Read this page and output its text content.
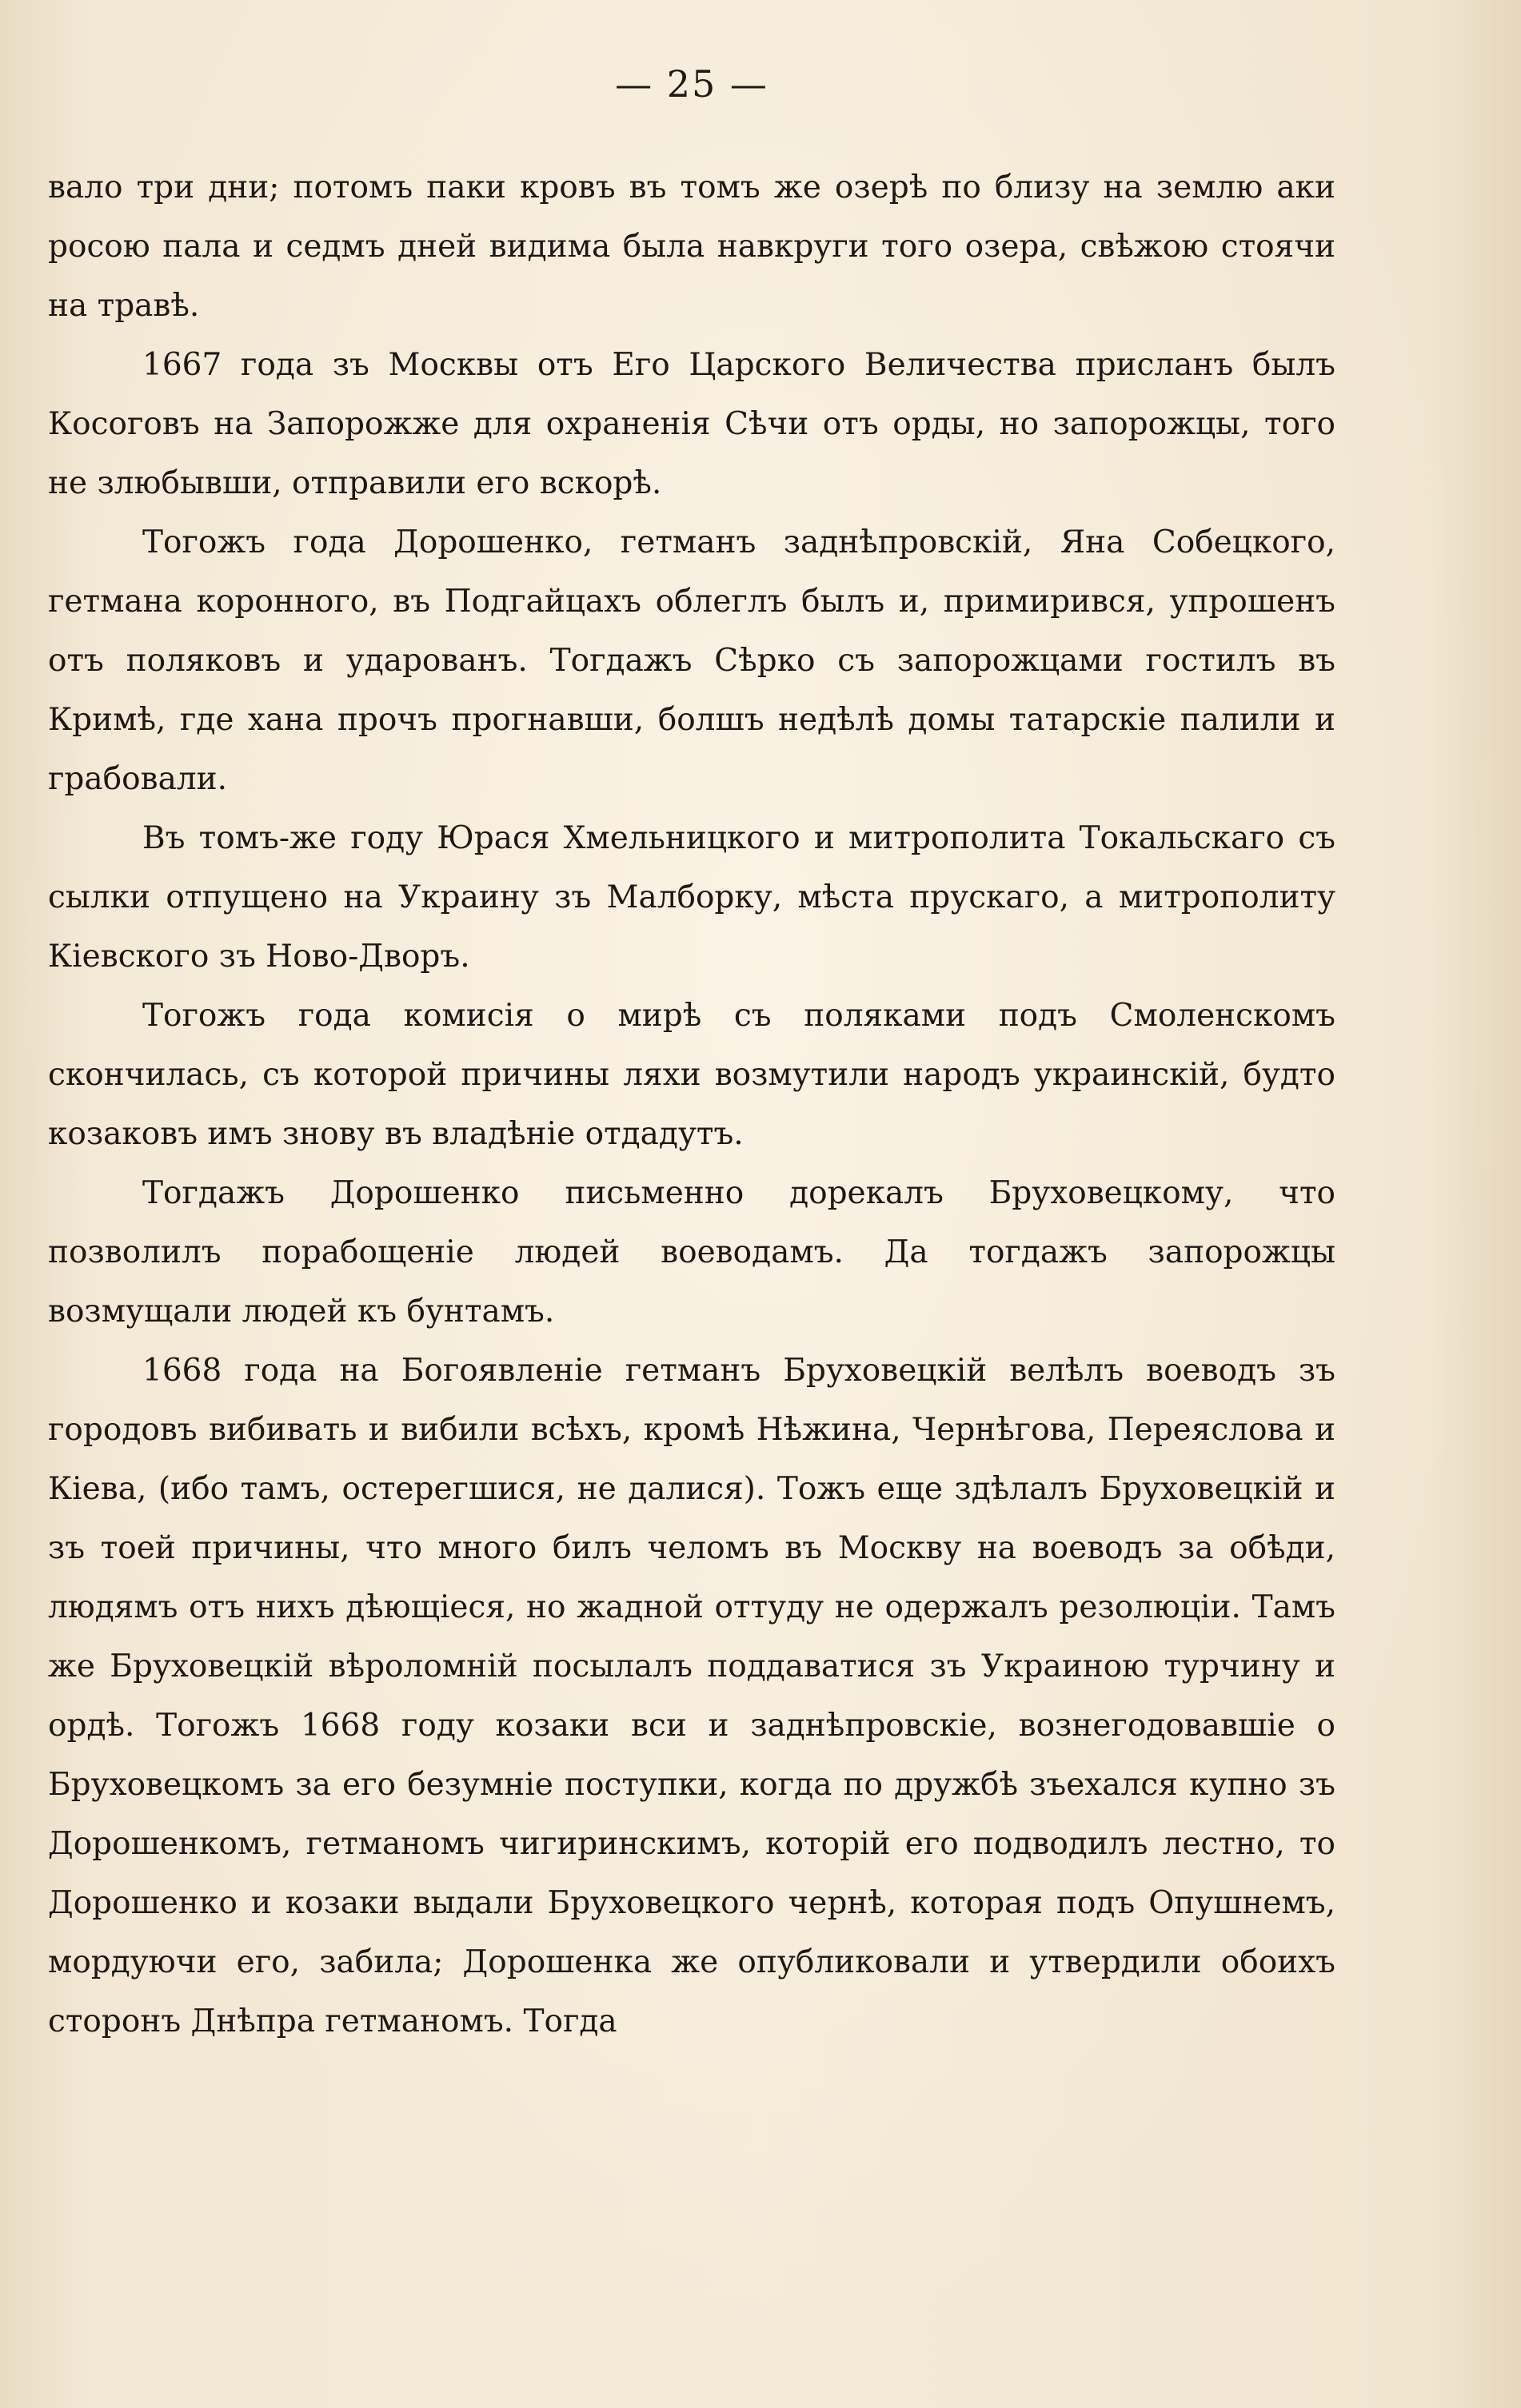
— 25 —

вало три дни; потомъ паки кровъ въ томъ же озерѣ по близу на землю аки росою пала и седмъ дней видима была навкруги того озера, свѣжою стоячи на травѣ.

1667 года зъ Москвы отъ Его Царского Величества присланъ былъ Косоговъ на Запорожже для охраненія Сѣчи отъ орды, но запорожцы, того не злюбывши, отправили его вскорѣ.

Тогожъ года Дорошенко, гетманъ заднѣпровскій, Яна Собецкого, гетмана коронного, въ Подгайцахъ облеглъ былъ и, примирився, упрошенъ отъ поляковъ и ударованъ. Тогдажъ Сѣрко съ запорожцами гостилъ въ Кримѣ, где хана прочъ прогнавши, болшъ недѣлѣ домы татарскіе палили и грабовали.

Въ томъ-же году Юрася Хмельницкого и митрополита Токальскаго съ сылки отпущено на Украину зъ Малборку, мѣста прускаго, а митрополиту Кіевского зъ Ново-Дворъ.

Тогожъ года комисія о мирѣ съ поляками подъ Смоленскомъ скончилась, съ которой причины ляхи возмутили народъ украинскій, будто козаковъ имъ знову въ владѣніе отдадутъ.

Тогдажъ Дорошенко письменно дорекалъ Бруховецкому, что позволилъ порабощеніе людей воеводамъ. Да тогдажъ запорожцы возмущали людей къ бунтамъ.

1668 года на Богоявленіе гетманъ Бруховецкій велѣлъ воеводъ зъ городовъ вибивать и вибили всѣхъ, кромѣ Нѣжина, Чернѣгова, Переяслова и Кіева, (ибо тамъ, остерегшися, не далися). Тожъ еще здѣлалъ Бруховецкій и зъ тоей причины, что много билъ челомъ въ Москву на воеводъ за обѣди, людямъ отъ нихъ дѣющіеся, но жадной оттуду не одержалъ резолюціи. Тамъ же Бруховецкій вѣроломній посылалъ поддаватися зъ Украиною турчину и ордѣ. Тогожъ 1668 году козаки вси и заднѣпровскіе, вознегодовавшіе о Бруховецкомъ за его безумніе поступки, когда по дружбѣ зъехался купно зъ Дорошенкомъ, гетманомъ чигиринскимъ, которій его подводилъ лестно, то Дорошенко и козаки выдали Бруховецкого чернѣ, которая подъ Опушнемъ, мордуючи его, забила; Дорошенка же опубликовали и утвердили обоихъ сторонъ Днѣпра гетманомъ. Тогда
